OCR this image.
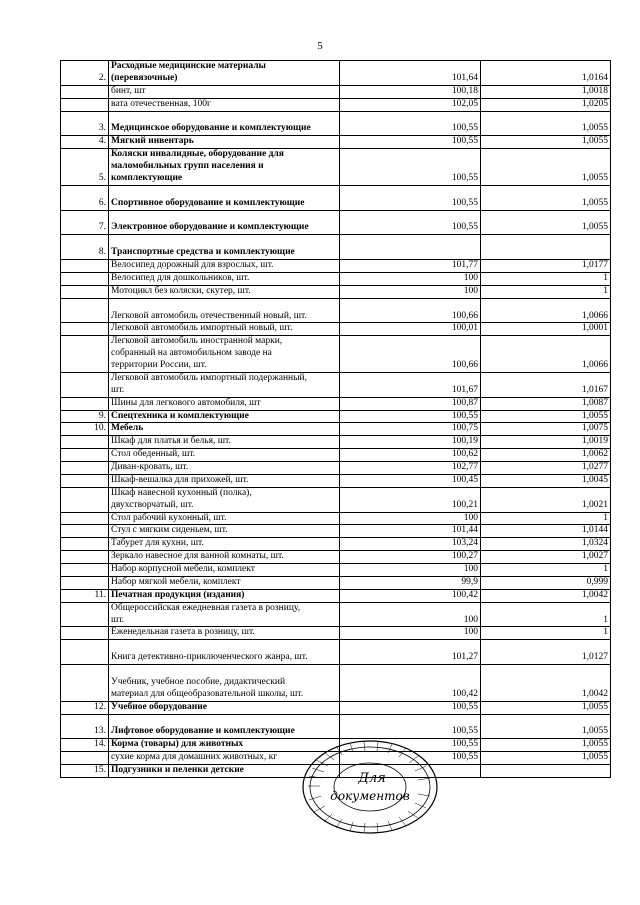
5
2.	Расходные медицинские материалы
(перевязочные)	101,64	1,0164

	бинт, шт	100,18	1,0018

	вата отечественная, 100г	102,05	1,0205
3.	Медицинское оборудование и комплектующие	100,55	1,0055
4.	Мягкий инвентарь	100,55	1,0055
5.	Коляски инвалидные, оборудование для
маломобильных групп населения и
комплектующие	100,55	1,0055
6.	Спортивное оборудование и комплектующие	100,55	1,0055
7.	Электронное оборудование и комплектующие	100,55	1,0055
8.	Транспортные средства и комплектующие		

	Велосипед дорожный для взрослых, шт.	101,77	1,0177

	Велосипед для дошкольников, шт.	100	1

	Мотоцикл без коляски, скутер, шт.	100	1

	Легковой автомобиль отечественный новый, шт.	100,66	1,0066

	Легковой автомобиль импортный новый, шт.	100,01	1,0001

	Легковой автомобиль иностранной марки,
собранный на автомобильном заводе на
территории России, шт.	100,66	1,0066

	Легковой автомобиль импортный подержанный,
шт.	101,67	1,0167

	Шины для легкового автомобиля, шт	100,87	1,0087
9.	Спецтехника и комплектующие	100,55	1,0055
10.	Мебель	100,75	1,0075

	Шкаф для платья и белья, шт.	100,19	1,0019

	Стол обеденный, шт.	100,62	1,0062

	Диван-кровать, шт.	102,77	1,0277

	Шкаф-вешалка для прихожей, шт.	100,45	1,0045

	Шкаф навесной кухонный (полка),
двухстворчатый, шт.	100,21	1,0021

	Стол рабочий кухонный, шт.	100	1

	Стул с мягким сиденьем, шт.	101,44	1,0144

	Табурет для кухни, шт.	103,24	1,0324

	Зеркало навесное для ванной комнаты, шт.	100,27	1,0027

	Набор корпусной мебели, комплект	100	1

	Набор мягкой мебели, комплект	99,9	0,999
11.	Печатная продукция (издания)	100,42	1,0042

	Общероссийская ежедневная газета в розницу,
шт.	100	1

	Еженедельная газета в розницу, шт.	100	1

	Книга детективно-приключенческого жанра, шт.	101,27	1,0127

	Учебник, учебное пособие, дидактический
материал для общеобразовательной школы, шт.	100,42	1,0042
12.	Учебное оборудование	100,55	1,0055
13.	Лифтовое оборудование и комплектующие	100,55	1,0055
14.	Корма (товары) для животных	100,55	1,0055

	сухие корма для домашних животных, кг	100,55	1,0055
15.	Подгузники и пеленки детские		

Для
документов
